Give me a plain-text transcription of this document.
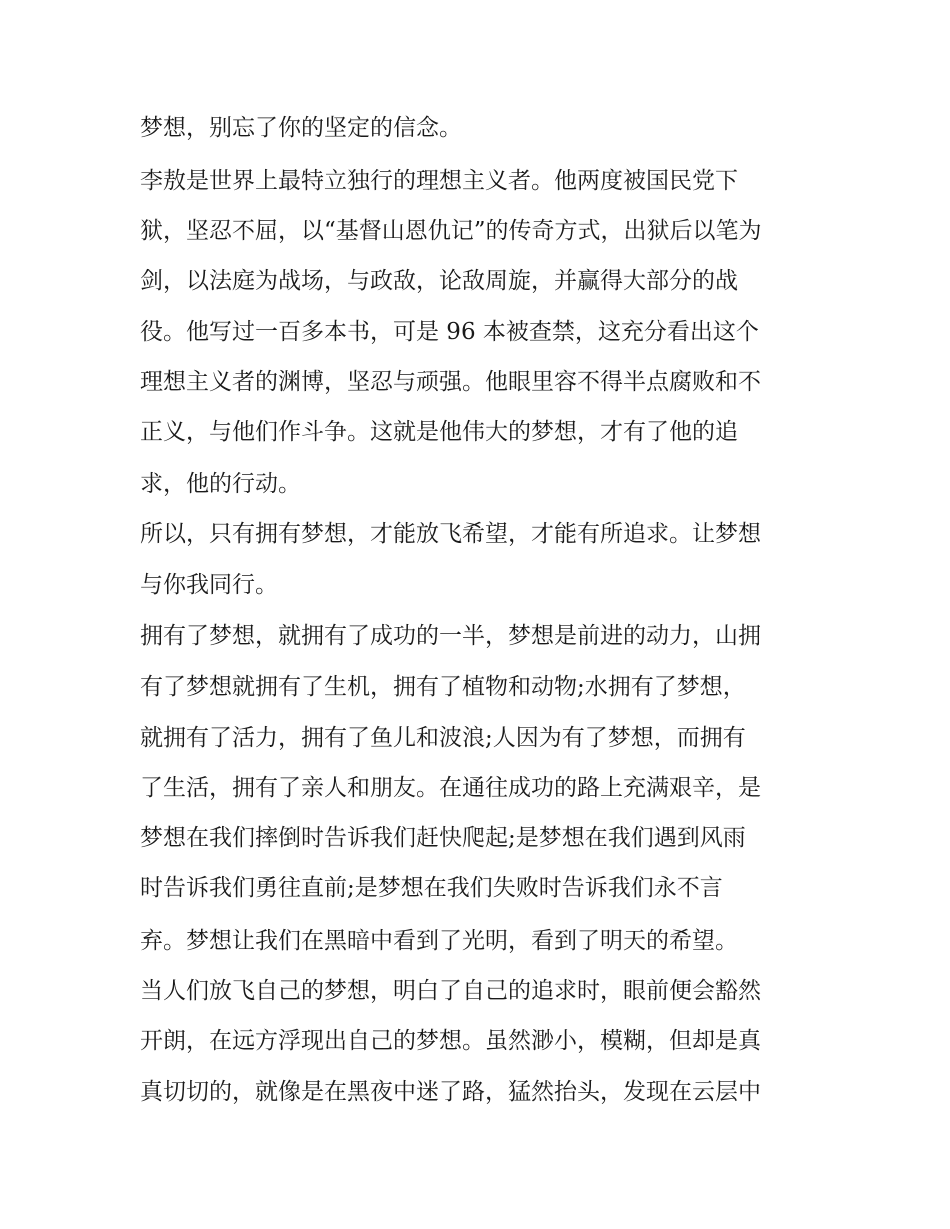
梦想，别忘了你的坚定的信念。
李敖是世界上最特立独行的理想主义者。他两度被国民党下
狱，坚忍不屈，以“基督山恩仇记”的传奇方式，出狱后以笔为
剑，以法庭为战场，与政敌，论敌周旋，并赢得大部分的战
役。他写过一百多本书，可是 96 本被查禁，这充分看出这个
理想主义者的渊博，坚忍与顽强。他眼里容不得半点腐败和不
正义，与他们作斗争。这就是他伟大的梦想，才有了他的追
求，他的行动。
所以，只有拥有梦想，才能放飞希望，才能有所追求。让梦想
与你我同行。
拥有了梦想，就拥有了成功的一半，梦想是前进的动力，山拥
有了梦想就拥有了生机，拥有了植物和动物;水拥有了梦想，
就拥有了活力，拥有了鱼儿和波浪;人因为有了梦想，而拥有
了生活，拥有了亲人和朋友。在通往成功的路上充满艰辛，是
梦想在我们摔倒时告诉我们赶快爬起;是梦想在我们遇到风雨
时告诉我们勇往直前;是梦想在我们失败时告诉我们永不言
弃。梦想让我们在黑暗中看到了光明，看到了明天的希望。
当人们放飞自己的梦想，明白了自己的追求时，眼前便会豁然
开朗，在远方浮现出自己的梦想。虽然渺小，模糊，但却是真
真切切的，就像是在黑夜中迷了路，猛然抬头，发现在云层中
